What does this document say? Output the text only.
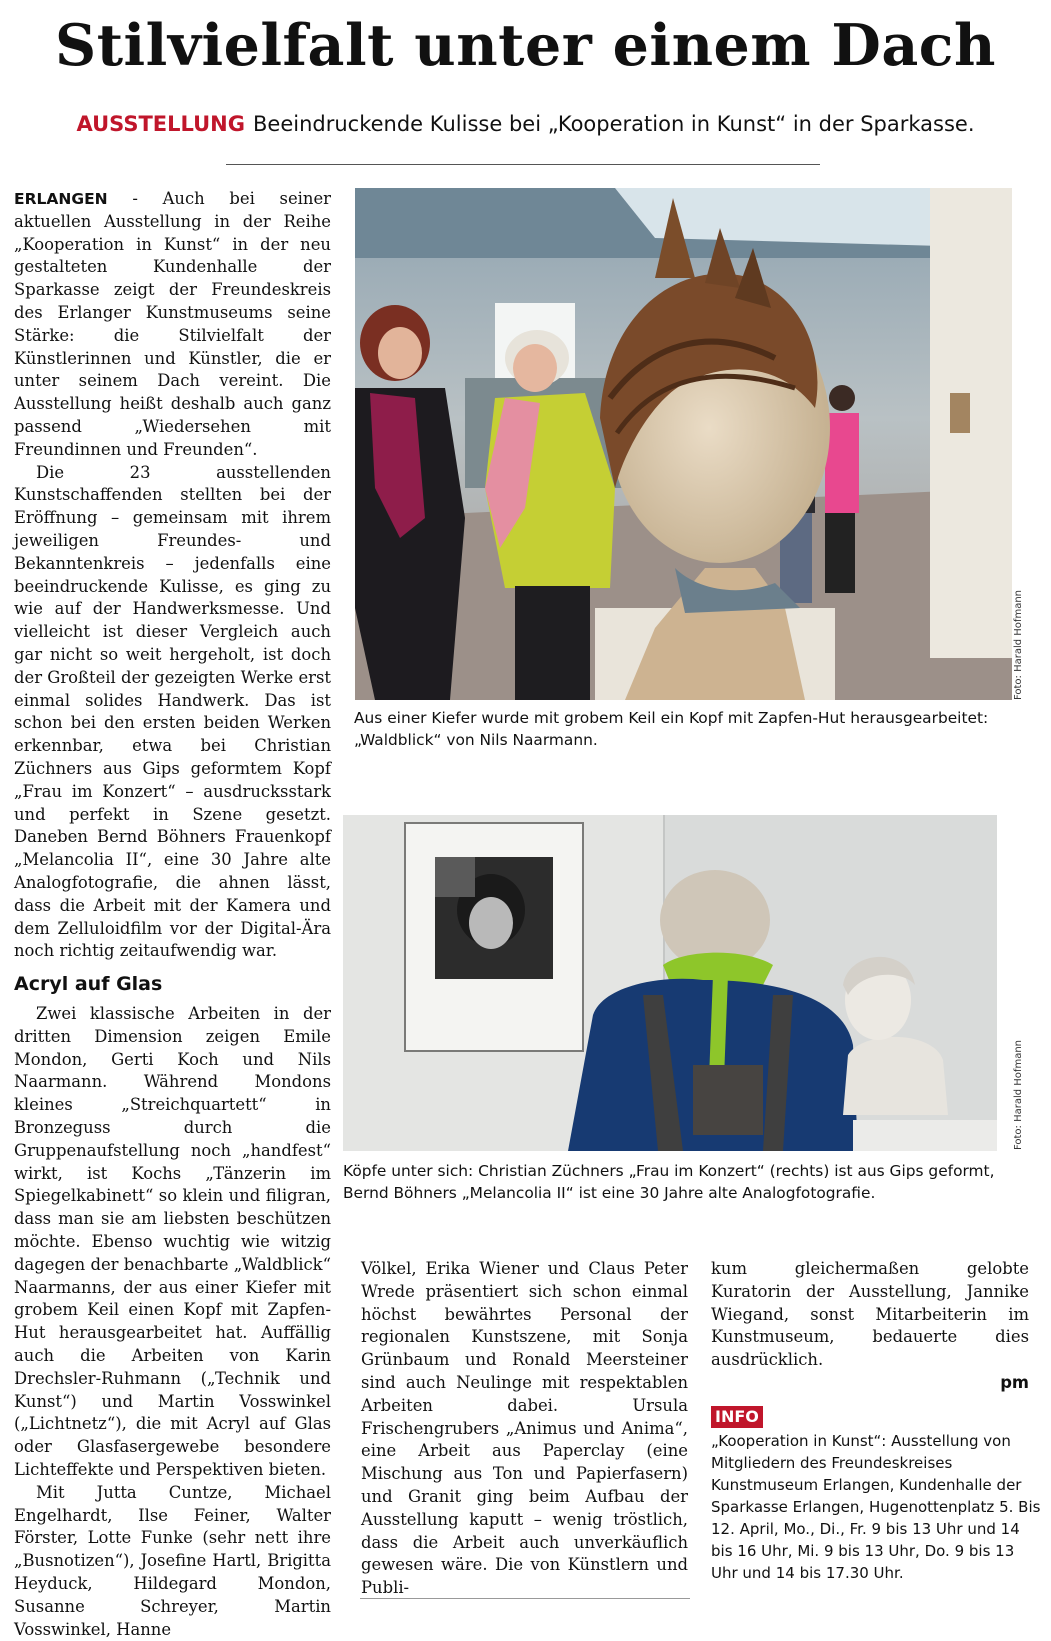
Stilvielfalt unter einem Dach
AUSSTELLUNG Beeindruckende Kulisse bei „Kooperation in Kunst“ in der Sparkasse.

ERLANGEN - Auch bei seiner aktuellen Ausstellung in der Reihe „Kooperation in Kunst“ in der neu gestalteten Kundenhalle der Sparkasse zeigt der Freundeskreis des Erlanger Kunstmuseums seine Stärke: die Stilvielfalt der Künstlerinnen und Künstler, die er unter seinem Dach vereint. Die Ausstellung heißt deshalb auch ganz passend „Wiedersehen mit Freundinnen und Freunden“.

Die 23 ausstellenden Kunstschaffenden stellten bei der Eröffnung – gemeinsam mit ihrem jeweiligen Freundes- und Bekanntenkreis – jedenfalls eine beeindruckende Kulisse, es ging zu wie auf der Handwerksmesse. Und vielleicht ist dieser Vergleich auch gar nicht so weit hergeholt, ist doch der Großteil der gezeigten Werke erst einmal solides Handwerk. Das ist schon bei den ersten beiden Werken erkennbar, etwa bei Christian Züchners aus Gips geformtem Kopf „Frau im Konzert“ – ausdrucksstark und perfekt in Szene gesetzt. Daneben Bernd Böhners Frauenkopf „Melancolia II“, eine 30 Jahre alte Analogfotografie, die ahnen lässt, dass die Arbeit mit der Kamera und dem Zelluloidfilm vor der Digital-Ära noch richtig zeitaufwendig war.

Acryl auf Glas

Zwei klassische Arbeiten in der dritten Dimension zeigen Emile Mondon, Gerti Koch und Nils Naarmann. Während Mondons kleines „Streichquartett“ in Bronzeguss durch die Gruppenaufstellung noch „handfest“ wirkt, ist Kochs „Tänzerin im Spiegelkabinett“ so klein und filigran, dass man sie am liebsten beschützen möchte. Ebenso wuchtig wie witzig dagegen der benachbarte „Waldblick“ Naarmanns, der aus einer Kiefer mit grobem Keil einen Kopf mit Zapfen-Hut herausgearbeitet hat. Auffällig auch die Arbeiten von Karin Drechsler-Ruhmann („Technik und Kunst“) und Martin Vosswinkel („Lichtnetz“), die mit Acryl auf Glas oder Glasfasergewebe besondere Lichteffekte und Perspektiven bieten.

Mit Jutta Cuntze, Michael Engelhardt, Ilse Feiner, Walter Förster, Lotte Funke (sehr nett ihre „Busnotizen“), Josefine Hartl, Brigitta Heyduck, Hildegard Mondon, Susanne Schreyer, Martin Vosswinkel, Hanne

Foto: Harald Hofmann
Aus einer Kiefer wurde mit grobem Keil ein Kopf mit Zapfen-Hut herausgearbeitet: „Waldblick“ von Nils Naarmann.
Foto: Harald Hofmann
Köpfe unter sich: Christian Züchners „Frau im Konzert“ (rechts) ist aus Gips geformt, Bernd Böhners „Melancolia II“ ist eine 30 Jahre alte Analogfotografie.

Völkel, Erika Wiener und Claus Peter Wrede präsentiert sich schon einmal höchst bewährtes Personal der regionalen Kunstszene, mit Sonja Grünbaum und Ronald Meersteiner sind auch Neulinge mit respektablen Arbeiten dabei. Ursula Frischengrubers „Animus und Anima“, eine Arbeit aus Paperclay (eine Mischung aus Ton und Papierfasern) und Granit ging beim Aufbau der Ausstellung kaputt – wenig tröstlich, dass die Arbeit auch unverkäuflich gewesen wäre. Die von Künstlern und Publi-

kum gleichermaßen gelobte Kuratorin der Ausstellung, Jannike Wiegand, sonst Mitarbeiterin im Kunstmuseum, bedauerte dies ausdrücklich.

pm
INFO
„Kooperation in Kunst“: Ausstellung von Mitgliedern des Freundeskreises Kunstmuseum Erlangen, Kundenhalle der Sparkasse Erlangen, Hugenottenplatz 5. Bis 12. April, Mo., Di., Fr. 9 bis 13 Uhr und 14 bis 16 Uhr, Mi. 9 bis 13 Uhr, Do. 9 bis 13 Uhr und 14 bis 17.30 Uhr.
